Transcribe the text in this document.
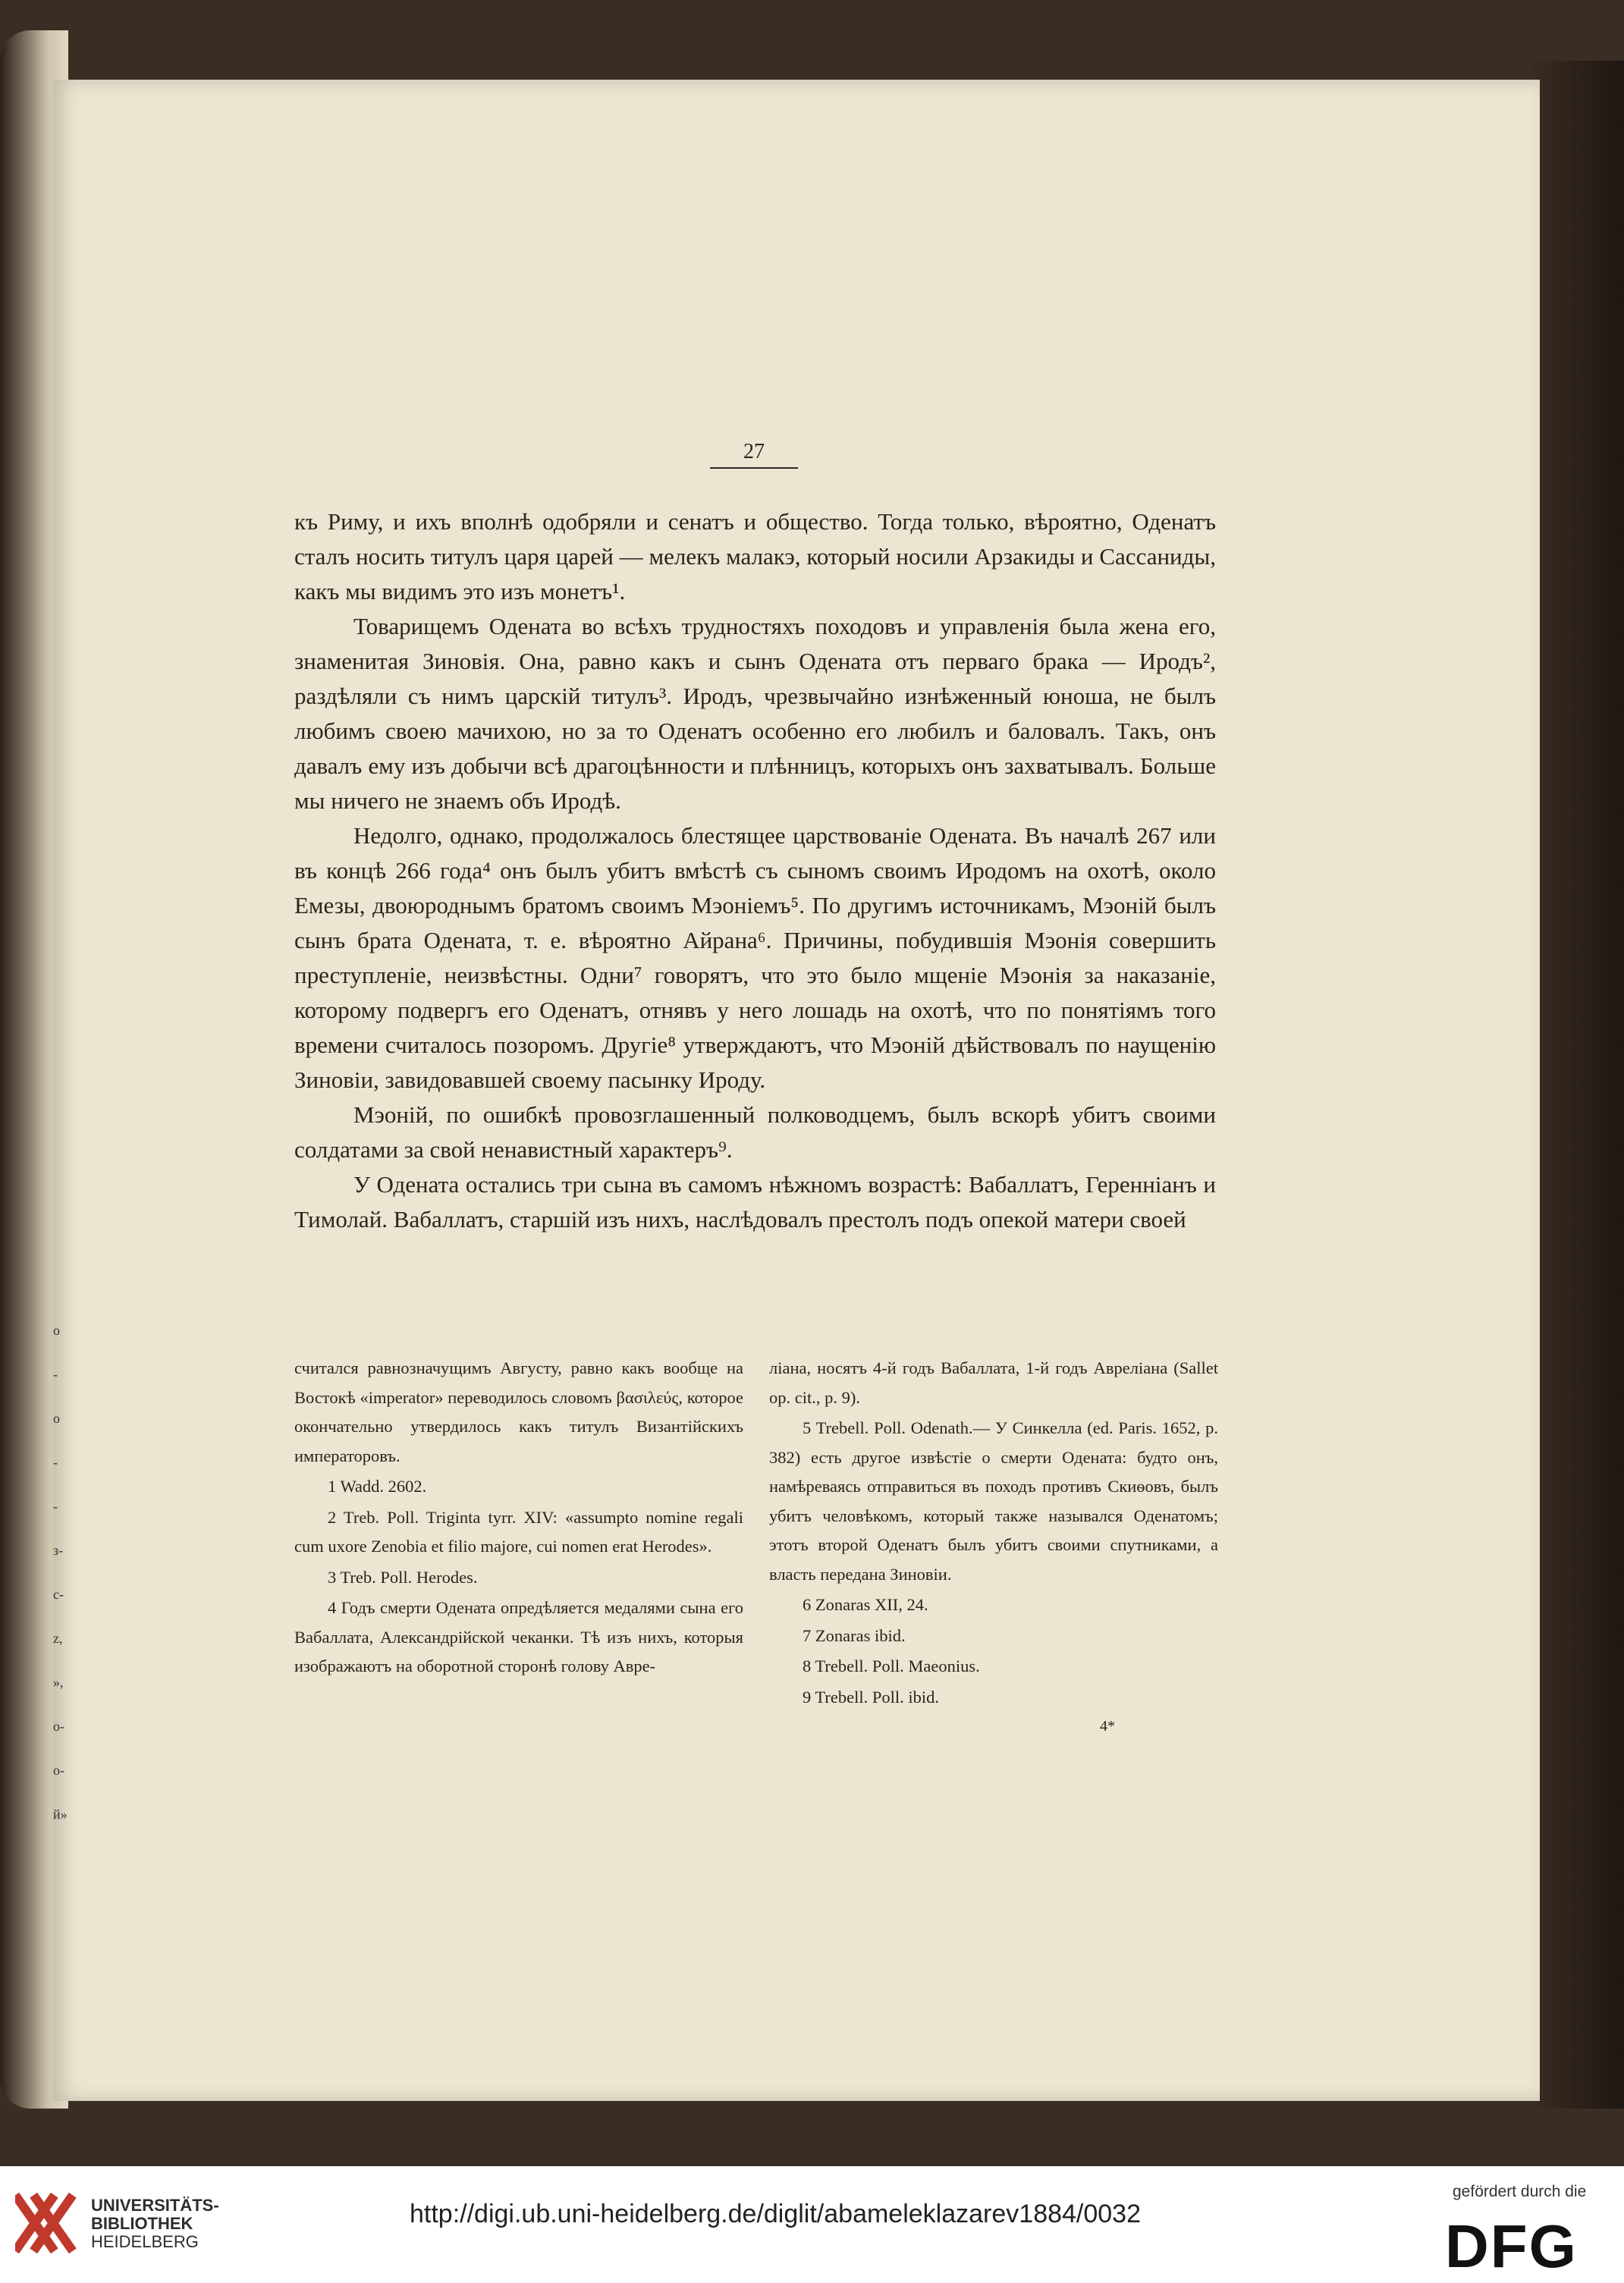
o
-
o
-
-
з-
с-
z,
»,
о-
о-
й»
27

къ Риму, и ихъ вполнѣ одобряли и сенатъ и общество. Тогда только, вѣроятно, Оденатъ сталъ носить титулъ царя царей — мелекъ малакэ, который носили Арзакиды и Сассаниды, какъ мы видимъ это изъ монетъ¹.

Товарищемъ Одената во всѣхъ трудностяхъ походовъ и управленія была жена его, знаменитая Зиновія. Она, равно какъ и сынъ Одената отъ перваго брака — Иродъ², раздѣляли съ нимъ царскій титулъ³. Иродъ, чрезвычайно изнѣженный юноша, не былъ любимъ своею мачихою, но за то Оденатъ особенно его любилъ и баловалъ. Такъ, онъ давалъ ему изъ добычи всѣ драгоцѣнности и плѣнницъ, которыхъ онъ захватывалъ. Больше мы ничего не знаемъ объ Иродѣ.

Недолго, однако, продолжалось блестящее царствованіе Одената. Въ началѣ 267 или въ концѣ 266 года⁴ онъ былъ убитъ вмѣстѣ съ сыномъ своимъ Иродомъ на охотѣ, около Емезы, двоюроднымъ братомъ своимъ Мэоніемъ⁵. По другимъ источникамъ, Мэоній былъ сынъ брата Одената, т. е. вѣроятно Айрана⁶. Причины, побудившія Мэонія совершить преступленіе, неизвѣстны. Одни⁷ говорятъ, что это было мщеніе Мэонія за наказаніе, которому подвергъ его Оденатъ, отнявъ у него лошадь на охотѣ, что по понятіямъ того времени считалось позоромъ. Другіе⁸ утверждаютъ, что Мэоній дѣйствовалъ по наущенію Зиновіи, завидовавшей своему пасынку Ироду.

Мэоній, по ошибкѣ провозглашенный полководцемъ, былъ вскорѣ убитъ своими солдатами за свой ненавистный характеръ⁹.

У Одената остались три сына въ самомъ нѣжномъ возрастѣ: Вабаллатъ, Геренніанъ и Тимолай. Вабаллатъ, старшій изъ нихъ, наслѣдовалъ престолъ подъ опекой матери своей

считался равнозначущимъ Августу, равно какъ вообще на Востокѣ «imperator» переводилось словомъ βασιλεύς, которое окончательно утвердилось какъ титулъ Византійскихъ императоровъ.

1 Wadd. 2602.

2 Treb. Poll. Triginta tyrr. XIV: «assumpto nomine regali cum uxore Zenobia et filio majore, cui nomen erat Herodes».

3 Treb. Poll. Herodes.

4 Годъ смерти Одената опредѣляется медалями сына его Вабаллата, Александрійской чеканки. Тѣ изъ нихъ, которыя изображаютъ на оборотной сторонѣ голову Авре-

ліана, носятъ 4-й годъ Вабаллата, 1-й годъ Авреліана (Sallet op. cit., p. 9).

5 Trebell. Poll. Odenath.— У Синкелла (ed. Paris. 1652, p. 382) есть другое извѣстіе о смерти Одената: будто онъ, намѣреваясь отправиться въ походъ противъ Скиѳовъ, былъ убитъ человѣкомъ, который также назывался Оденатомъ; этотъ второй Оденатъ былъ убитъ своими спутниками, а власть передана Зиновіи.

6 Zonaras XII, 24.

7 Zonaras ibid.

8 Trebell. Poll. Maeonius.

9 Trebell. Poll. ibid.

4*
UNIVERSITÄTS-
BIBLIOTHEK
HEIDELBERG
http://digi.ub.uni-heidelberg.de/diglit/abameleklazarev1884/0032
gefördert durch die
DFG
